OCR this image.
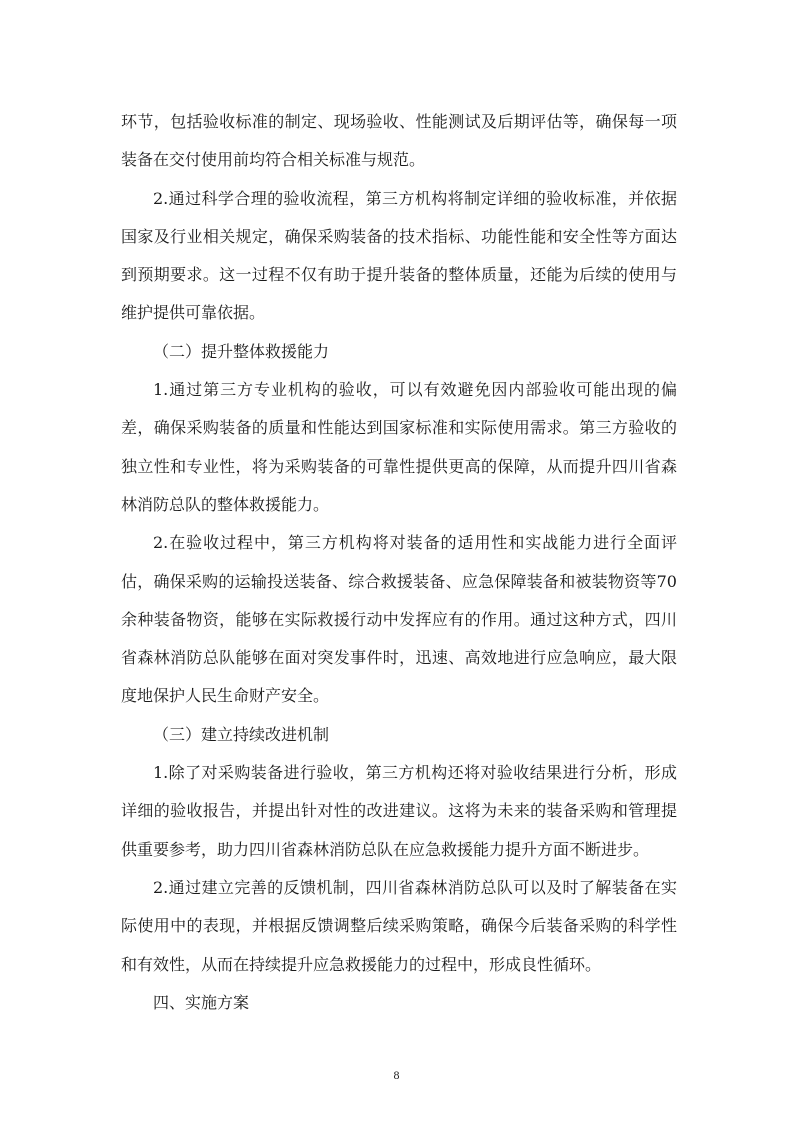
环节，包括验收标准的制定、现场验收、性能测试及后期评估等，确保每一项装备在交付使用前均符合相关标准与规范。

2.通过科学合理的验收流程，第三方机构将制定详细的验收标准，并依据国家及行业相关规定，确保采购装备的技术指标、功能性能和安全性等方面达到预期要求。这一过程不仅有助于提升装备的整体质量，还能为后续的使用与维护提供可靠依据。

（二）提升整体救援能力

1.通过第三方专业机构的验收，可以有效避免因内部验收可能出现的偏差，确保采购装备的质量和性能达到国家标准和实际使用需求。第三方验收的独立性和专业性，将为采购装备的可靠性提供更高的保障，从而提升四川省森林消防总队的整体救援能力。

2.在验收过程中，第三方机构将对装备的适用性和实战能力进行全面评估，确保采购的运输投送装备、综合救援装备、应急保障装备和被装物资等70余种装备物资，能够在实际救援行动中发挥应有的作用。通过这种方式，四川省森林消防总队能够在面对突发事件时，迅速、高效地进行应急响应，最大限度地保护人民生命财产安全。

（三）建立持续改进机制

1.除了对采购装备进行验收，第三方机构还将对验收结果进行分析，形成详细的验收报告，并提出针对性的改进建议。这将为未来的装备采购和管理提供重要参考，助力四川省森林消防总队在应急救援能力提升方面不断进步。

2.通过建立完善的反馈机制，四川省森林消防总队可以及时了解装备在实际使用中的表现，并根据反馈调整后续采购策略，确保今后装备采购的科学性和有效性，从而在持续提升应急救援能力的过程中，形成良性循环。

四、实施方案

8
